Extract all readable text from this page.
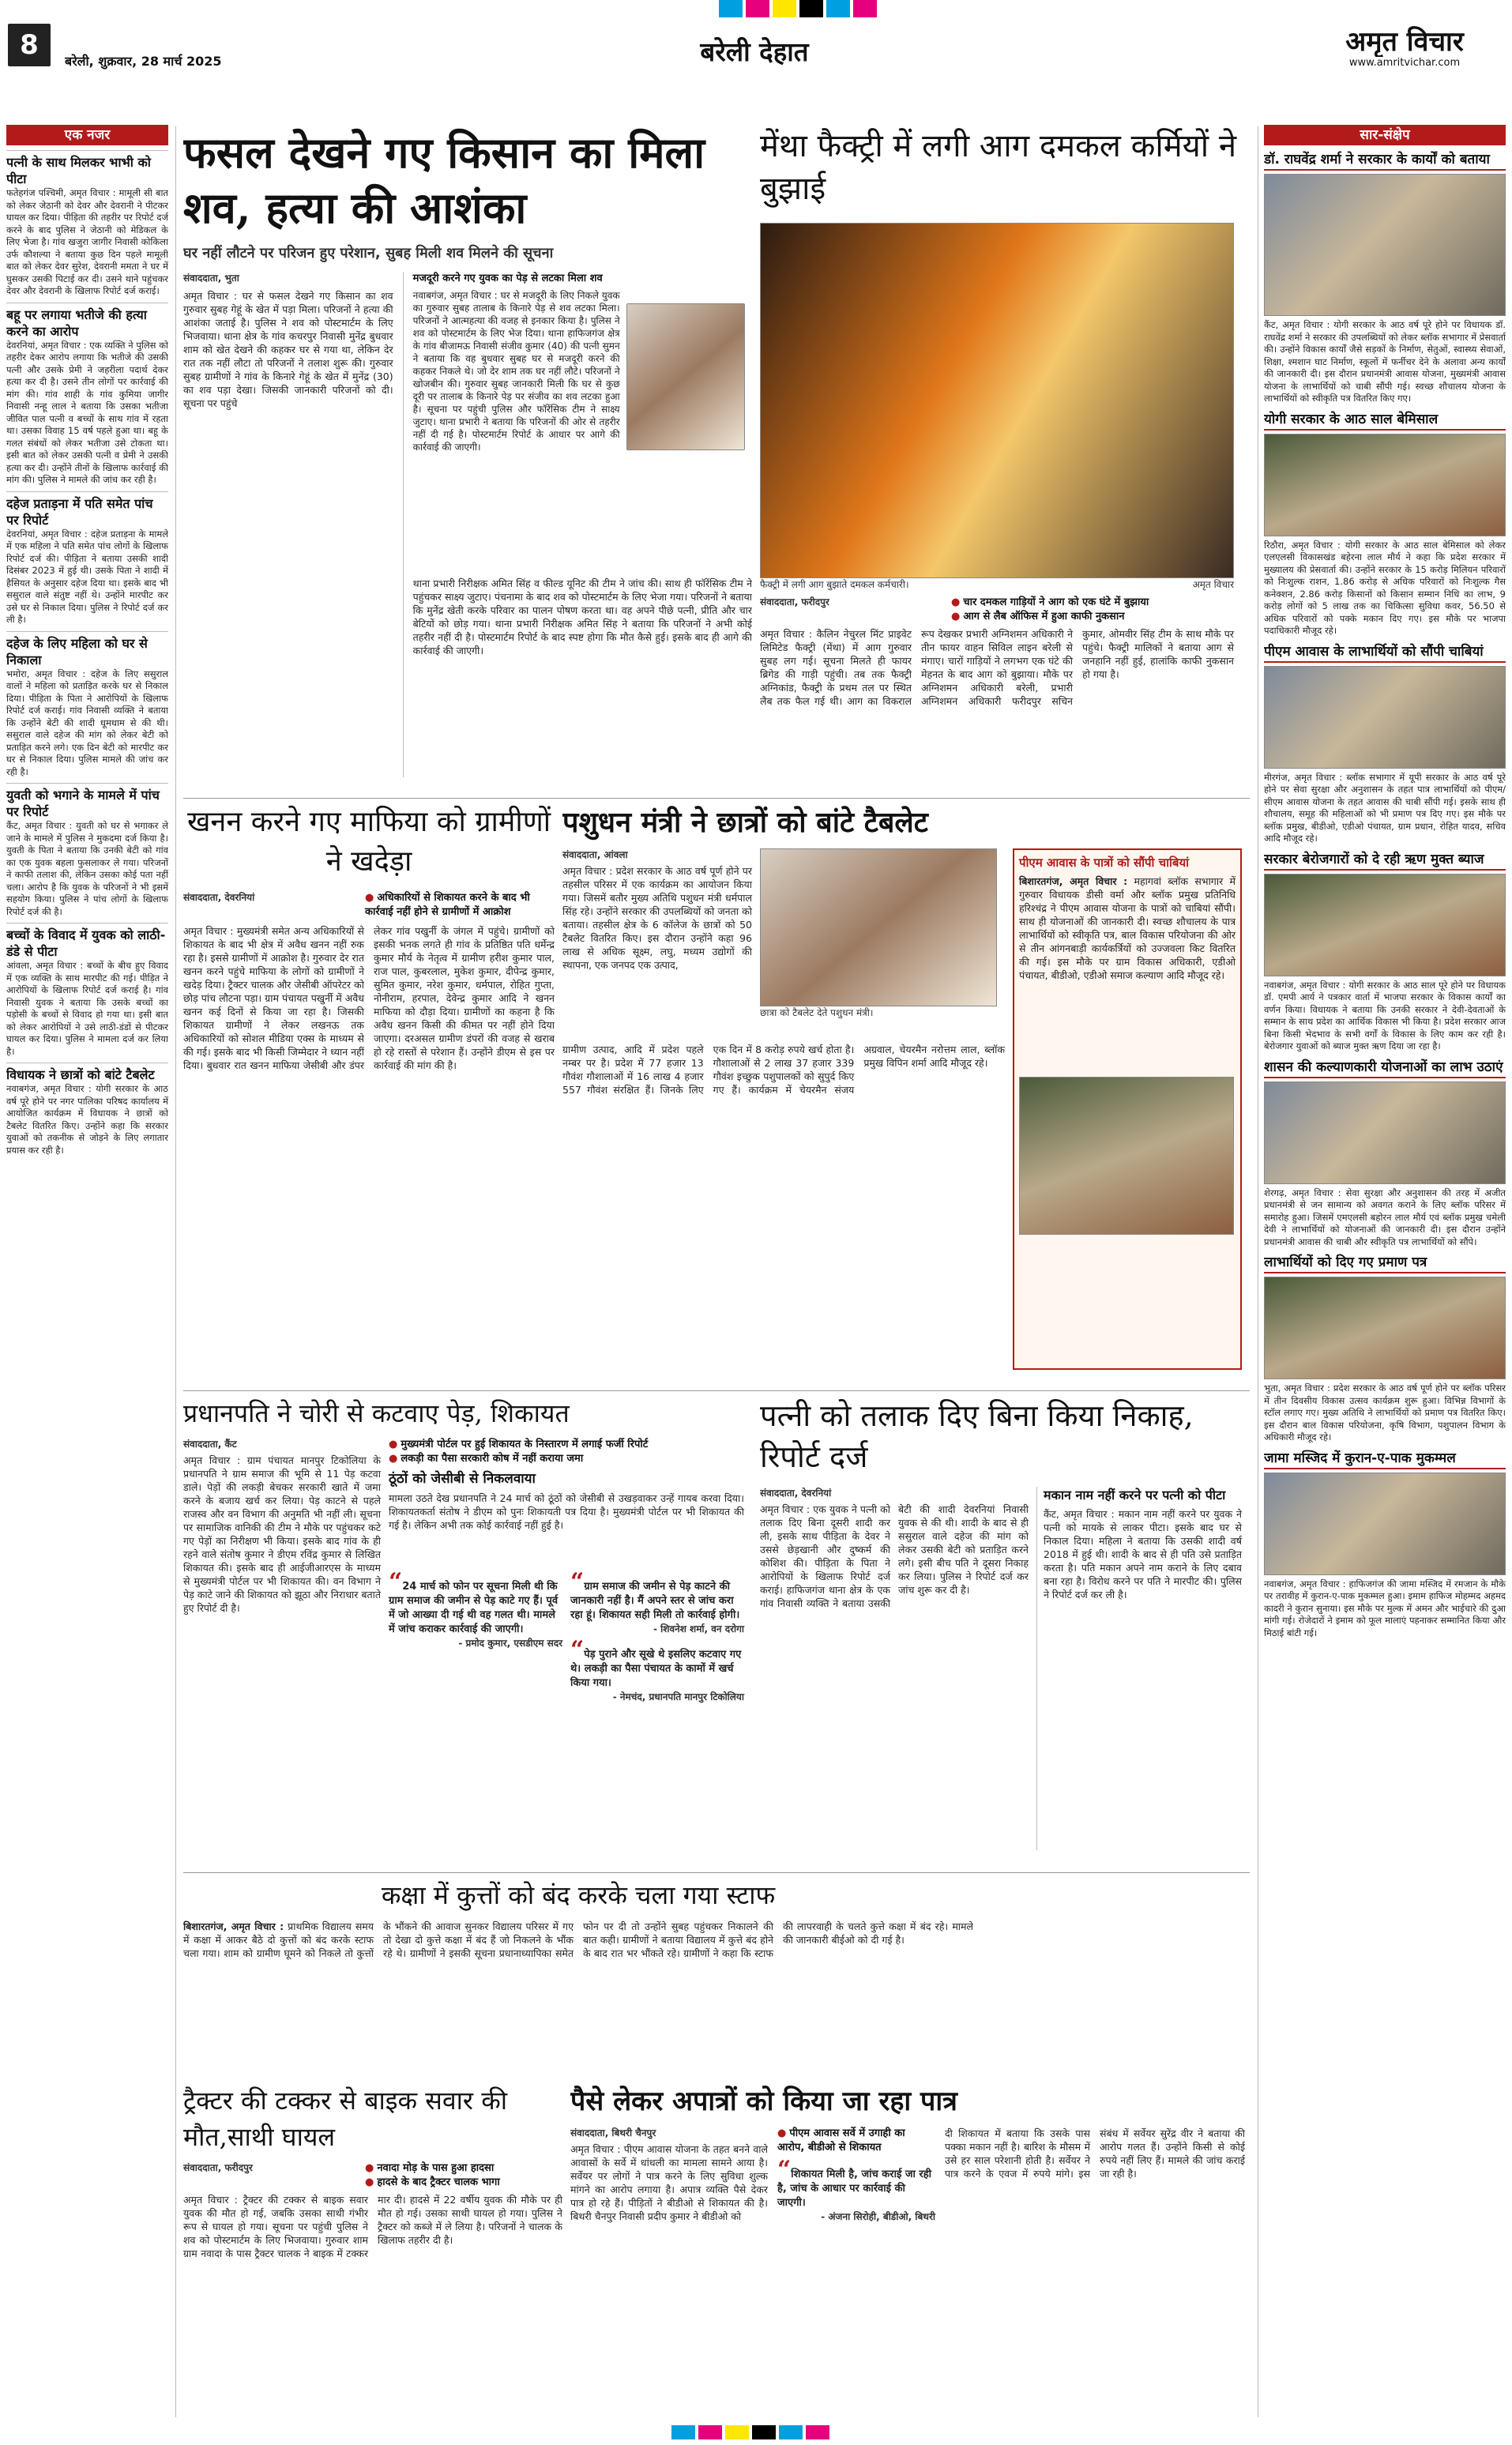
8
बरेली, शुक्रवार, 28 मार्च 2025	बरेली देहात	अमृत विचार
www.amritvichar.com
एक नजर
पत्नी के साथ मिलकर भाभी को पीटा
फतेहगंज पश्चिमी, अमृत विचार : मामूली सी बात को लेकर जेठानी को देवर और देवरानी ने पीटकर घायल कर दिया। पीड़िता की तहरीर पर रिपोर्ट दर्ज करने के बाद पुलिस ने जेठानी को मेडिकल के लिए भेजा है। गांव खजुरा जागीर निवासी कोकिला उर्फ कौशल्या ने बताया कुछ दिन पहले मामूली बात को लेकर देवर सुरेश, देवरानी ममता ने घर में घुसकर उसकी पिटाई कर दी। उसने थाने पहुंचकर देवर और देवरानी के खिलाफ रिपोर्ट दर्ज कराई।
बहू पर लगाया भतीजे की हत्या करने का आरोप
देवरनियां, अमृत विचार : एक व्यक्ति ने पुलिस को तहरीर देकर आरोप लगाया कि भतीजे की उसकी पत्नी और उसके प्रेमी ने जहरीला पदार्थ देकर हत्या कर दी है। उसने तीन लोगों पर कार्रवाई की मांग की। गांव शाही के गांव कुमिया जागीर निवासी नन्हू लाल ने बताया कि उसका भतीजा जीवित पाल पत्नी व बच्चों के साथ गांव में रहता था। उसका विवाह 15 वर्ष पहले हुआ था। बहू के गलत संबंधों को लेकर भतीजा उसे टोकता था। इसी बात को लेकर उसकी पत्नी व प्रेमी ने उसकी हत्या कर दी। उन्होंने तीनों के खिलाफ कार्रवाई की मांग की। पुलिस ने मामले की जांच कर रही है।
दहेज प्रताड़ना में पति समेत पांच पर रिपोर्ट
देवरनियां, अमृत विचार : दहेज प्रताड़ना के मामले में एक महिला ने पति समेत पांच लोगों के खिलाफ रिपोर्ट दर्ज की। पीड़िता ने बताया उसकी शादी दिसंबर 2023 में हुई थी। उसके पिता ने शादी में हैसियत के अनुसार दहेज दिया था। इसके बाद भी ससुराल वाले संतुष्ट नहीं थे। उन्होंने मारपीट कर उसे घर से निकाल दिया। पुलिस ने रिपोर्ट दर्ज कर ली है।
दहेज के लिए महिला को घर से निकाला
भमोरा, अमृत विचार : दहेज के लिए ससुराल वालों ने महिला को प्रताड़ित करके घर से निकाल दिया। पीड़िता के पिता ने आरोपियों के खिलाफ रिपोर्ट दर्ज कराई। गांव निवासी व्यक्ति ने बताया कि उन्होंने बेटी की शादी धूमधाम से की थी। ससुराल वाले दहेज की मांग को लेकर बेटी को प्रताड़ित करने लगे। एक दिन बेटी को मारपीट कर घर से निकाल दिया। पुलिस मामले की जांच कर रही है।
युवती को भगाने के मामले में पांच पर रिपोर्ट
कैंट, अमृत विचार : युवती को घर से भगाकर ले जाने के मामले में पुलिस ने मुकदमा दर्ज किया है। युवती के पिता ने बताया कि उनकी बेटी को गांव का एक युवक बहला फुसलाकर ले गया। परिजनों ने काफी तलाश की, लेकिन उसका कोई पता नहीं चला। आरोप है कि युवक के परिजनों ने भी इसमें सहयोग किया। पुलिस ने पांच लोगों के खिलाफ रिपोर्ट दर्ज की है।
बच्चों के विवाद में युवक को लाठी-डंडे से पीटा
आंवला, अमृत विचार : बच्चों के बीच हुए विवाद में एक व्यक्ति के साथ मारपीट की गई। पीड़ित ने आरोपियों के खिलाफ रिपोर्ट दर्ज कराई है। गांव निवासी युवक ने बताया कि उसके बच्चों का पड़ोसी के बच्चों से विवाद हो गया था। इसी बात को लेकर आरोपियों ने उसे लाठी-डंडों से पीटकर घायल कर दिया। पुलिस ने मामला दर्ज कर लिया है।
विधायक ने छात्रों को बांटे टैबलेट
नवाबगंज, अमृत विचार : योगी सरकार के आठ वर्ष पूरे होने पर नगर पालिका परिषद कार्यालय में आयोजित कार्यक्रम में विधायक ने छात्रों को टैबलेट वितरित किए। उन्होंने कहा कि सरकार युवाओं को तकनीक से जोड़ने के लिए लगातार प्रयास कर रही है।
फसल देखने गए किसान का मिला शव, हत्या की आशंका
घर नहीं लौटने पर परिजन हुए परेशान, सुबह मिली शव मिलने की सूचना
संवाददाता, भुता
अमृत विचार : घर से फसल देखने गए किसान का शव गुरुवार सुबह गेहूं के खेत में पड़ा मिला। परिजनों ने हत्या की आशंका जताई है। पुलिस ने शव को पोस्टमार्टम के लिए भिजवाया। थाना क्षेत्र के गांव कचरपुर निवासी मुनेंद्र बुधवार शाम को खेत देखने की कहकर घर से गया था, लेकिन देर रात तक नहीं लौटा तो परिजनों ने तलाश शुरू की। गुरुवार सुबह ग्रामीणों ने गांव के किनारे गेहूं के खेत में मुनेंद्र (30) का शव पड़ा देखा। जिसकी जानकारी परिजनों को दी। सूचना पर पहुंचे
मजदूरी करने गए युवक का पेड़ से लटका मिला शव
नवाबगंज, अमृत विचार : घर से मजदूरी के लिए निकले युवक का गुरुवार सुबह तालाब के किनारे पेड़ से शव लटका मिला। परिजनों ने आत्महत्या की वजह से इनकार किया है। पुलिस ने शव को पोस्टमार्टम के लिए भेज दिया। थाना हाफिजगंज क्षेत्र के गांव बीजामऊ निवासी संजीव कुमार (40) की पत्नी सुमन ने बताया कि वह बुधवार सुबह घर से मजदूरी करने की कहकर निकले थे। जो देर शाम तक घर नहीं लौटे। परिजनों ने खोजबीन की। गुरुवार सुबह जानकारी मिली कि घर से कुछ दूरी पर तालाब के किनारे पेड़ पर संजीव का शव लटका हुआ है। सूचना पर पहुंची पुलिस और फॉरेंसिक टीम ने साक्ष्य जुटाए। थाना प्रभारी ने बताया कि परिजनों की ओर से तहरीर नहीं दी गई है। पोस्टमार्टम रिपोर्ट के आधार पर आगे की कार्रवाई की जाएगी।
थाना प्रभारी निरीक्षक अमित सिंह व फील्ड यूनिट की टीम ने जांच की। साथ ही फॉरेंसिक टीम ने पहुंचकर साक्ष्य जुटाए। पंचनामा के बाद शव को पोस्टमार्टम के लिए भेजा गया। परिजनों ने बताया कि मुनेंद्र खेती करके परिवार का पालन पोषण करता था। वह अपने पीछे पत्नी, प्रीति और चार बेटियों को छोड़ गया। थाना प्रभारी निरीक्षक अमित सिंह ने बताया कि परिजनों ने अभी कोई तहरीर नहीं दी है। पोस्टमार्टम रिपोर्ट के बाद स्पष्ट होगा कि मौत कैसे हुई। इसके बाद ही आगे की कार्रवाई की जाएगी।
मेंथा फैक्ट्री में लगी आग दमकल कर्मियों ने बुझाई
फैक्ट्री में लगी आग बुझाते दमकल कर्मचारी।	अमृत विचार
संवाददाता, फरीदपुर	● चार दमकल गाड़ियों ने आग को एक घंटे में बुझाया
● आग से लैब ऑफिस में हुआ काफी नुकसान
अमृत विचार : कैलिन नेचुरल मिंट प्राइवेट लिमिटेड फैक्ट्री (मेंथा) में आग गुरुवार सुबह लग गई। सूचना मिलते ही फायर ब्रिगेड की गाड़ी पहुंची। तब तक फैक्ट्री अग्निकांड, फैक्ट्री के प्रथम तल पर स्थित लैब तक फैल गई थी। आग का विकराल रूप देखकर प्रभारी अग्निशमन अधिकारी ने तीन फायर वाहन सिविल लाइन बरेली से मंगाए। चारों गाड़ियों ने लगभग एक घंटे की मेहनत के बाद आग को बुझाया। मौके पर अग्निशमन अधिकारी बरेली, प्रभारी अग्निशमन अधिकारी फरीदपुर सचिन कुमार, ओमवीर सिंह टीम के साथ मौके पर पहुंचे। फैक्ट्री मालिकों ने बताया आग से जनहानि नहीं हुई, हालांकि काफी नुकसान हो गया है।
सार-संक्षेप
डॉ. राघवेंद्र शर्मा ने सरकार के कार्यों को बताया
कैंट, अमृत विचार : योगी सरकार के आठ वर्ष पूरे होने पर विधायक डॉ. राघवेंद्र शर्मा ने सरकार की उपलब्धियों को लेकर ब्लॉक सभागार में प्रेसवार्ता की। उन्होंने विकास कार्यों जैसे सड़कों के निर्माण, सेतुओं, स्वास्थ्य सेवाओं, शिक्षा, श्मशान घाट निर्माण, स्कूलों में फर्नीचर देने के अलावा अन्य कार्यों की जानकारी दी। इस दौरान प्रधानमंत्री आवास योजना, मुख्यमंत्री आवास योजना के लाभार्थियों को चाबी सौंपी गई। स्वच्छ शौचालय योजना के लाभार्थियों को स्वीकृति पत्र वितरित किए गए।
योगी सरकार के आठ साल बेमिसाल
रिठौरा, अमृत विचार : योगी सरकार के आठ साल बेमिसाल को लेकर एलएलसी विकासखंड बहेरना लाल मौर्य ने कहा कि प्रदेश सरकार में मुख्यालय की प्रेसवार्ता की। उन्होंने सरकार के 15 करोड़ मिलियन परिवारों को निःशुल्क राशन, 1.86 करोड़ से अधिक परिवारों को निःशुल्क गैस कनेक्शन, 2.86 करोड़ किसानों को किसान सम्मान निधि का लाभ, 9 करोड़ लोगों को 5 लाख तक का चिकित्सा सुविधा कवर, 56.50 से अधिक परिवारों को पक्के मकान दिए गए। इस मौके पर भाजपा पदाधिकारी मौजूद रहे।
पीएम आवास के लाभार्थियों को सौंपी चाबियां
मीरगंज, अमृत विचार : ब्लॉक सभागार में यूपी सरकार के आठ वर्ष पूरे होने पर सेवा सुरक्षा और अनुशासन के तहत पात्र लाभार्थियों को पीएम/सीएम आवास योजना के तहत आवास की चाबी सौंपी गई। इसके साथ ही शौचालय, समूह की महिलाओं को भी प्रमाण पत्र दिए गए। इस मौके पर ब्लॉक प्रमुख, बीडीओ, एडीओ पंचायत, ग्राम प्रधान, रोहित यादव, सचिव आदि मौजूद रहे।
सरकार बेरोजगारों को दे रही ऋण मुक्त ब्याज
नवाबगंज, अमृत विचार : योगी सरकार के आठ साल पूरे होने पर विधायक डॉ. एमपी आर्य ने पत्रकार वार्ता में भाजपा सरकार के विकास कार्यों का वर्णन किया। विधायक ने बताया कि उनकी सरकार ने देवी-देवताओं के सम्मान के साथ प्रदेश का आर्थिक विकास भी किया है। प्रदेश सरकार आज बिना किसी भेदभाव के सभी वर्गों के विकास के लिए काम कर रही है। बेरोजगार युवाओं को ब्याज मुक्त ऋण दिया जा रहा है।
शासन की कल्याणकारी योजनाओं का लाभ उठाएं
शेरगढ़, अमृत विचार : सेवा सुरक्षा और अनुशासन की तरह में अजीत प्रधानमंत्री से जन सामान्य को अवगत कराने के लिए ब्लॉक परिसर में समारोह हुआ। जिसमें एमएलसी बहोरन लाल मौर्य एवं ब्लॉक प्रमुख चमेली देवी ने लाभार्थियों को योजनाओं की जानकारी दी। इस दौरान उन्होंने प्रधानमंत्री आवास की चाबी और स्वीकृति पत्र लाभार्थियों को सौंपे।
लाभार्थियों को दिए गए प्रमाण पत्र
भुता, अमृत विचार : प्रदेश सरकार के आठ वर्ष पूर्ण होने पर ब्लॉक परिसर में तीन दिवसीय विकास उत्सव कार्यक्रम शुरू हुआ। विभिन्न विभागों के स्टॉल लगाए गए। मुख्य अतिथि ने लाभार्थियों को प्रमाण पत्र वितरित किए। इस दौरान बाल विकास परियोजना, कृषि विभाग, पशुपालन विभाग के अधिकारी मौजूद रहे।
जामा मस्जिद में कुरान-ए-पाक मुकम्मल
नवाबगंज, अमृत विचार : हाफिजगंज की जामा मस्जिद में रमजान के मौके पर तरावीह में कुरान-ए-पाक मुकम्मल हुआ। इमाम हाफिज मोहम्मद अहमद कादरी ने कुरान सुनाया। इस मौके पर मुल्क में अमन और भाईचारे की दुआ मांगी गई। रोजेदारों ने इमाम को फूल मालाएं पहनाकर सम्मानित किया और मिठाई बांटी गई।
खनन करने गए माफिया को ग्रामीणों ने खदेड़ा
संवाददाता, देवरनियां	● अधिकारियों से शिकायत करने के बाद भी कार्रवाई नहीं होने से ग्रामीणों में आक्रोश
अमृत विचार : मुख्यमंत्री समेत अन्य अधिकारियों से शिकायत के बाद भी क्षेत्र में अवैध खनन नहीं रुक रहा है। इससे ग्रामीणों में आक्रोश है। गुरुवार देर रात खनन करने पहुंचे माफिया के लोगों को ग्रामीणों ने खदेड़ दिया। ट्रैक्टर चालक और जेसीबी ऑपरेटर को छोड़ पांच लौटना पड़ा। ग्राम पंचायत पखुर्नी में अवैध खनन कई दिनों से किया जा रहा है। जिसकी शिकायत ग्रामीणों ने लेकर लखनऊ तक अधिकारियों को सोशल मीडिया एक्स के माध्यम से की गई। इसके बाद भी किसी जिम्मेदार ने ध्यान नहीं दिया। बुधवार रात खनन माफिया जेसीबी और डंपर लेकर गांव पखुर्नी के जंगल में पहुंचे। ग्रामीणों को इसकी भनक लगते ही गांव के प्रतिष्ठित पति धर्मेन्द्र कुमार मौर्य के नेतृत्व में ग्रामीण हरीश कुमार पाल, राज पाल, कुबरलाल, मुकेश कुमार, दीपेन्द्र कुमार, सुमित कुमार, नरेश कुमार, धर्मपाल, रोहित गुप्ता, नोनीराम, हरपाल, देवेन्द्र कुमार आदि ने खनन माफिया को दौड़ा दिया। ग्रामीणों का कहना है कि अवैध खनन किसी की कीमत पर नहीं होने दिया जाएगा। दरअसल ग्रामीण डंपरों की वजह से खराब हो रहे रास्तों से परेशान हैं। उन्होंने डीएम से इस पर कार्रवाई की मांग की है।
पशुधन मंत्री ने छात्रों को बांटे टैबलेट
संवाददाता, आंवला
अमृत विचार : प्रदेश सरकार के आठ वर्ष पूर्ण होने पर तहसील परिसर में एक कार्यक्रम का आयोजन किया गया। जिसमें बतौर मुख्य अतिथि पशुधन मंत्री धर्मपाल सिंह रहे। उन्होंने सरकार की उपलब्धियों को जनता को बताया। तहसील क्षेत्र के 6 कॉलेज के छात्रों को 50 टैबलेट वितरित किए। इस दौरान उन्होंने कहा 96 लाख से अधिक सूक्ष्म, लघु, मध्यम उद्योगों की स्थापना, एक जनपद एक उत्पाद,
छात्रा को टैबलेट देते पशुधन मंत्री।
ग्रामीण उत्पाद, आदि में प्रदेश पहले नम्बर पर है। प्रदेश में 77 हजार 13 गौवंश गौशालाओं में 16 लाख 4 हजार 557 गौवंश संरक्षित हैं। जिनके लिए एक दिन में 8 करोड़ रुपये खर्च होता है। गौशालाओं से 2 लाख 37 हजार 339 गौवंश इच्छुक पशुपालकों को सुपुर्द किए गए हैं। कार्यक्रम में चेयरमैन संजय अग्रवाल, चेयरमैन नरोत्तम लाल, ब्लॉक प्रमुख विपिन शर्मा आदि मौजूद रहे।
पीएम आवास के पात्रों को सौंपी चाबियां
बिशारतगंज, अमृत विचार : महागवां ब्लॉक सभागार में गुरुवार विधायक डीसी वर्मा और ब्लॉक प्रमुख प्रतिनिधि हरिश्चंद्र ने पीएम आवास योजना के पात्रों को चाबियां सौंपी। साथ ही योजनाओं की जानकारी दी। स्वच्छ शौचालय के पात्र लाभार्थियों को स्वीकृति पत्र, बाल विकास परियोजना की ओर से तीन आंगनबाड़ी कार्यकर्त्रियों को उज्जवला किट वितरित की गई। इस मौके पर ग्राम विकास अधिकारी, एडीओ पंचायत, बीडीओ, एडीओ समाज कल्याण आदि मौजूद रहे।
प्रधानपति ने चोरी से कटवाए पेड़, शिकायत
संवाददाता, कैंट
अमृत विचार : ग्राम पंचायत मानपुर टिकोलिया के प्रधानपति ने ग्राम समाज की भूमि से 11 पेड़ कटवा डाले। पेड़ों की लकड़ी बेचकर सरकारी खाते में जमा करने के बजाय खर्च कर लिया। पेड़ काटने से पहले राजस्व और वन विभाग की अनुमति भी नहीं ली। सूचना पर सामाजिक वानिकी की टीम ने मौके पर पहुंचकर कटे गए पेड़ों का निरीक्षण भी किया। इसके बाद गांव के ही रहने वाले संतोष कुमार ने डीएम रविंद्र कुमार से लिखित शिकायत की। इसके बाद ही आईजीआरएस के माध्यम से मुख्यमंत्री पोर्टल पर भी शिकायत की। वन विभाग ने पेड़ काटे जाने की शिकायत को झूठा और निराधार बताते हुए रिपोर्ट दी है।
● मुख्यमंत्री पोर्टल पर हुई शिकायत के निस्तारण में लगाई फर्जी रिपोर्ट
● लकड़ी का पैसा सरकारी कोष में नहीं कराया जमा
ठूंठों को जेसीबी से निकलवाया
मामला उठते देख प्रधानपति ने 24 मार्च को ठूंठों को जेसीबी से उखड़वाकर उन्हें गायब करवा दिया। शिकायतकर्ता संतोष ने डीएम को पुनः शिकायती पत्र दिया है। मुख्यमंत्री पोर्टल पर भी शिकायत की गई है। लेकिन अभी तक कोई कार्रवाई नहीं हुई है।
“24 मार्च को फोन पर सूचना मिली थी कि ग्राम समाज की जमीन से पेड़ काटे गए हैं। पूर्व में जो आख्या दी गई थी वह गलत थी। मामले में जांच कराकर कार्रवाई की जाएगी।
- प्रमोद कुमार, एसडीएम सदर
“ग्राम समाज की जमीन से पेड़ काटने की जानकारी नहीं है। मैं अपने स्तर से जांच करा रहा हूं। शिकायत सही मिली तो कार्रवाई होगी।
- शिवनेश शर्मा, वन दरोगा
“पेड़ पुराने और सूखे थे इसलिए कटवाए गए थे। लकड़ी का पैसा पंचायत के कामों में खर्च किया गया।
- नेमचंद, प्रधानपति मानपुर टिकोलिया
पत्नी को तलाक दिए बिना किया निकाह, रिपोर्ट दर्ज
संवाददाता, देवरनियां
अमृत विचार : एक युवक ने पत्नी को तलाक दिए बिना दूसरी शादी कर ली, इसके साथ पीड़िता के देवर ने उससे छेड़खानी और दुष्कर्म की कोशिश की। पीड़िता के पिता ने आरोपियों के खिलाफ रिपोर्ट दर्ज कराई। हाफिजगंज थाना क्षेत्र के एक गांव निवासी व्यक्ति ने बताया उसकी बेटी की शादी देवरनियां निवासी युवक से की थी। शादी के बाद से ही ससुराल वाले दहेज की मांग को लेकर उसकी बेटी को प्रताड़ित करने लगे। इसी बीच पति ने दूसरा निकाह कर लिया। पुलिस ने रिपोर्ट दर्ज कर जांच शुरू कर दी है।
मकान नाम नहीं करने पर पत्नी को पीटा
कैंट, अमृत विचार : मकान नाम नहीं करने पर युवक ने पत्नी को मायके से लाकर पीटा। इसके बाद घर से निकाल दिया। महिला ने बताया कि उसकी शादी वर्ष 2018 में हुई थी। शादी के बाद से ही पति उसे प्रताड़ित करता है। पति मकान अपने नाम कराने के लिए दबाव बना रहा है। विरोध करने पर पति ने मारपीट की। पुलिस ने रिपोर्ट दर्ज कर ली है।
कक्षा में कुत्तों को बंद करके चला गया स्टाफ
बिशारतगंज, अमृत विचार : प्राथमिक विद्यालय समय में कक्षा में आकर बैठे दो कुत्तों को बंद करके स्टाफ चला गया। शाम को ग्रामीण घूमने को निकले तो कुत्तों के भौंकने की आवाज सुनकर विद्यालय परिसर में गए तो देखा दो कुत्ते कक्षा में बंद हैं जो निकलने के भौंक रहे थे। ग्रामीणों ने इसकी सूचना प्रधानाध्यापिका समेत फोन पर दी तो उन्होंने सुबह पहुंचकर निकालने की बात कही। ग्रामीणों ने बताया विद्यालय में कुत्ते बंद होने के बाद रात भर भौंकते रहे। ग्रामीणों ने कहा कि स्टाफ की लापरवाही के चलते कुत्ते कक्षा में बंद रहे। मामले की जानकारी बीईओ को दी गई है।
ट्रैक्टर की टक्कर से बाइक सवार की मौत,साथी घायल
संवाददाता, फरीदपुर	● नवादा मोड़ के पास हुआ हादसा
● हादसे के बाद ट्रैक्टर चालक भागा
अमृत विचार : ट्रैक्टर की टक्कर से बाइक सवार युवक की मौत हो गई, जबकि उसका साथी गंभीर रूप से घायल हो गया। सूचना पर पहुंची पुलिस ने शव को पोस्टमार्टम के लिए भिजवाया। गुरुवार शाम ग्राम नवादा के पास ट्रैक्टर चालक ने बाइक में टक्कर मार दी। हादसे में 22 वर्षीय युवक की मौके पर ही मौत हो गई। उसका साथी घायल हो गया। पुलिस ने ट्रैक्टर को कब्जे में ले लिया है। परिजनों ने चालक के खिलाफ तहरीर दी है।
पैसे लेकर अपात्रों को किया जा रहा पात्र
संवाददाता, बिथरी चैनपुर
अमृत विचार : पीएम आवास योजना के तहत बनने वाले आवासों के सर्वे में धांधली का मामला सामने आया है। सर्वेयर पर लोगों ने पात्र करने के लिए सुविधा शुल्क मांगने का आरोप लगाया है। अपात्र व्यक्ति पैसे देकर पात्र हो रहे हैं। पीड़ितों ने बीडीओ से शिकायत की है। बिथरी चैनपुर निवासी प्रदीप कुमार ने बीडीओ को
● पीएम आवास सर्वे में उगाही का आरोप, बीडीओ से शिकायत
“शिकायत मिली है, जांच कराई जा रही है, जांच के आधार पर कार्रवाई की जाएगी।
- अंजना सिरोही, बीडीओ, बिथरी
दी शिकायत में बताया कि उसके पास पक्का मकान नहीं है। बारिश के मौसम में उसे हर साल परेशानी होती है। सर्वेयर ने पात्र करने के एवज में रुपये मांगे। इस संबंध में सर्वेयर सुरेंद्र वीर ने बताया की आरोप गलत हैं। उन्होंने किसी से कोई रुपये नहीं लिए हैं। मामले की जांच कराई जा रही है।
